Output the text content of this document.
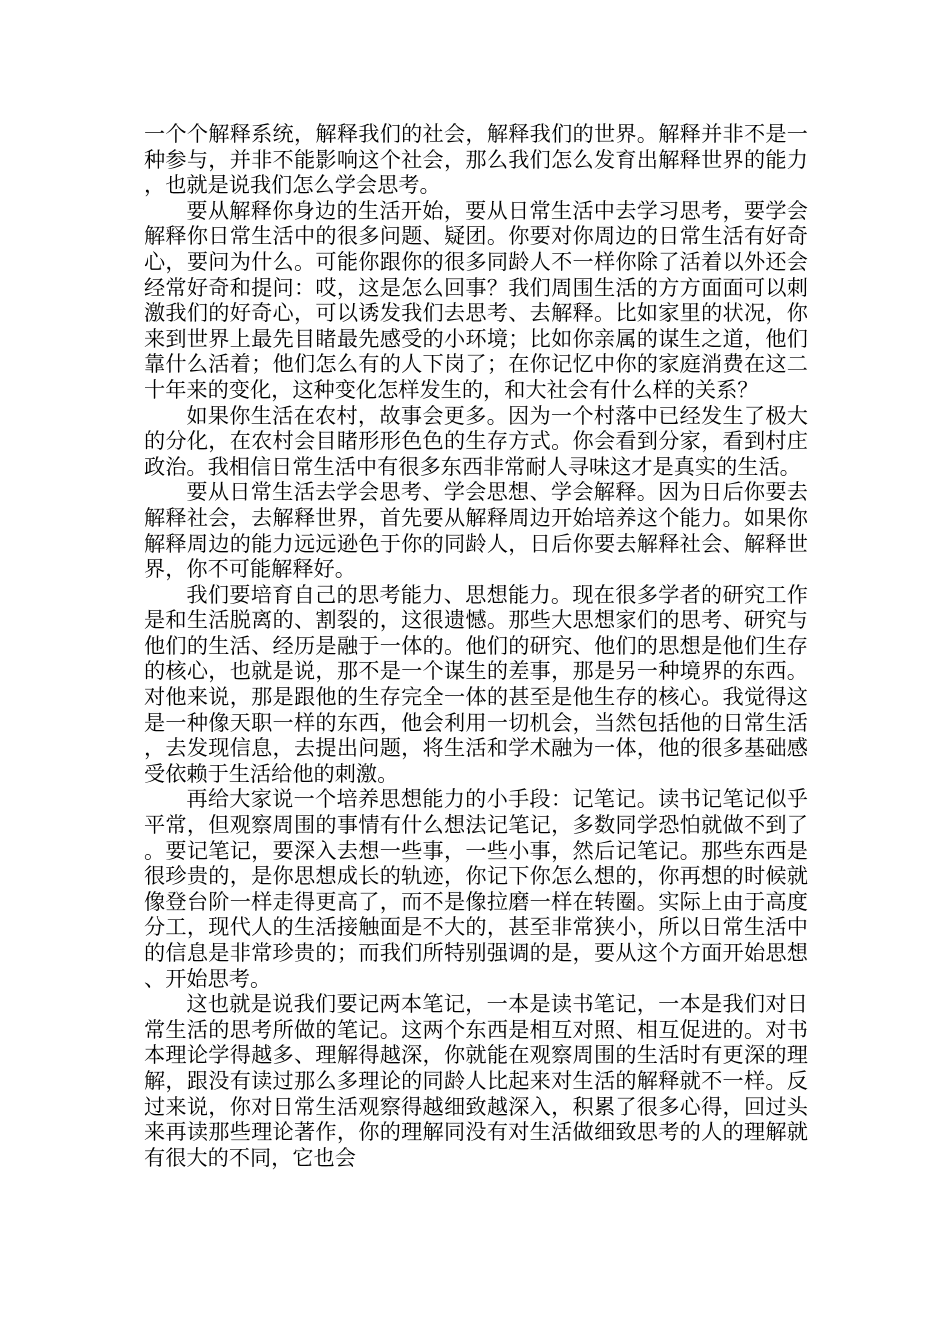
一个个解释系统，解释我们的社会，解释我们的世界。解释并非不是一种参与，并非不能影响这个社会，那么我们怎么发育出解释世界的能力，也就是说我们怎么学会思考。

要从解释你身边的生活开始，要从日常生活中去学习思考，要学会解释你日常生活中的很多问题、疑团。你要对你周边的日常生活有好奇心，要问为什么。可能你跟你的很多同龄人不一样你除了活着以外还会经常好奇和提问：哎，这是怎么回事？我们周围生活的方方面面可以刺激我们的好奇心，可以诱发我们去思考、去解释。比如家里的状况，你来到世界上最先目睹最先感受的小环境；比如你亲属的谋生之道，他们靠什么活着；他们怎么有的人下岗了；在你记忆中你的家庭消费在这二十年来的变化，这种变化怎样发生的，和大社会有什么样的关系？

如果你生活在农村，故事会更多。因为一个村落中已经发生了极大的分化，在农村会目睹形形色色的生存方式。你会看到分家，看到村庄政治。我相信日常生活中有很多东西非常耐人寻味这才是真实的生活。

要从日常生活去学会思考、学会思想、学会解释。因为日后你要去解释社会，去解释世界，首先要从解释周边开始培养这个能力。如果你解释周边的能力远远逊色于你的同龄人，日后你要去解释社会、解释世界，你不可能解释好。

我们要培育自己的思考能力、思想能力。现在很多学者的研究工作是和生活脱离的、割裂的，这很遗憾。那些大思想家们的思考、研究与他们的生活、经历是融于一体的。他们的研究、他们的思想是他们生存的核心，也就是说，那不是一个谋生的差事，那是另一种境界的东西。对他来说，那是跟他的生存完全一体的甚至是他生存的核心。我觉得这是一种像天职一样的东西，他会利用一切机会，当然包括他的日常生活，去发现信息，去提出问题，将生活和学术融为一体，他的很多基础感受依赖于生活给他的刺激。

再给大家说一个培养思想能力的小手段：记笔记。读书记笔记似乎平常，但观察周围的事情有什么想法记笔记，多数同学恐怕就做不到了。要记笔记，要深入去想一些事，一些小事，然后记笔记。那些东西是很珍贵的，是你思想成长的轨迹，你记下你怎么想的，你再想的时候就像登台阶一样走得更高了，而不是像拉磨一样在转圈。实际上由于高度分工，现代人的生活接触面是不大的，甚至非常狭小，所以日常生活中的信息是非常珍贵的；而我们所特别强调的是，要从这个方面开始思想、开始思考。

这也就是说我们要记两本笔记，一本是读书笔记，一本是我们对日常生活的思考所做的笔记。这两个东西是相互对照、相互促进的。对书本理论学得越多、理解得越深，你就能在观察周围的生活时有更深的理解，跟没有读过那么多理论的同龄人比起来对生活的解释就不一样。反过来说，你对日常生活观察得越细致越深入，积累了很多心得，回过头来再读那些理论著作，你的理解同没有对生活做细致思考的人的理解就有很大的不同，它也会
